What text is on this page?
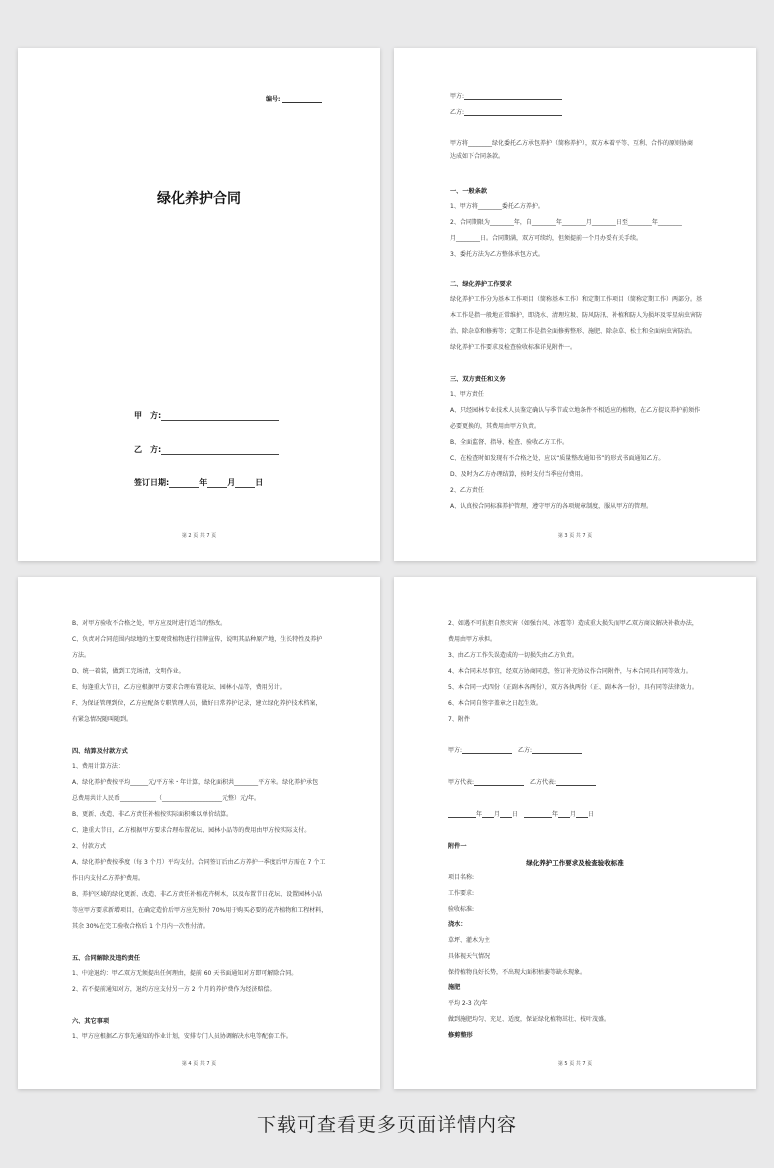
编号:
绿化养护合同
甲　方:
乙　方:
签订日期:	年	月	日
第 2 页 共 7 页
甲方:
乙方:
甲方将________绿化委托乙方承包养护（简称养护），双方本着平等、互利、合作的原则协商
达成如下合同条款。
一、一般条款
1、甲方将________委托乙方养护。
2、合同期限为________年，自________年________月________日至________年________
月________日。合同期满，双方可续约，但须提前一个月办妥有关手续。
3、委托方法为乙方整体承包方式。
二、绿化养护工作要求
绿化养护工作分为基本工作项目（简称基本工作）和定期工作项目（简称定期工作）两部分。基
本工作是指一般地正常维护，即浇水、清理垃圾、防风防汛、补植和防人为损坏及零星病虫害防
治、除杂草和修剪等；定期工作是指全面修剪整形、施肥、除杂草、松土和全面病虫害防治。
绿化养护工作要求及检查验收标准详见附件一。
三、双方责任和义务
1、甲方责任
A、只经园林专业技术人员鉴定确认与季节或立地条件不相适应的植物，在乙方提议养护前须作
必要更换的，其费用由甲方负责。
B、全面监督、指导、检查、验收乙方工作。
C、在检查时如发现有不合格之处，应以“质量整改通知书”的形式书面通知乙方。
D、及时为乙方办理结算，按时支付当季应付费用。
2、乙方责任
A、认真按合同标准养护管理，遵守甲方的各项规章制度，服从甲方的管理。
第 3 页 共 7 页
B、对甲方验收不合格之处，甲方应及时进行适当的整改。
C、负责对合同范围内绿地的主要观赏植物进行挂牌宣传，说明其品种原产地，生长特性及养护
方法。
D、统一着装，做到工完场清，文明作业。
E、每逢重大节日，乙方应根据甲方要求合理布置花坛、园林小品等，费用另计。
F、为保证管理到位，乙方应配备专职管理人员，做好日常养护记录，建立绿化养护技术档案，
有紧急情况随叫随到。
四、结算及付款方式
1、费用计算方法：
A、绿化养护费按平均______元/平方米・年计算，绿化面积共________平方米。绿化养护承包
总费用共计人民币____________（____________________元整）元/年。
B、更新、改造、非乙方责任补植按实际面积乘以单价结算。
C、逢重大节日，乙方根据甲方要求合理布置花坛、园林小品等的费用由甲方按实际支付。
2、付款方式
A、绿化养护费按季度（每 3 个月）平均支付。合同签订后由乙方养护一季度后甲方需在 7 个工
作日内支付乙方养护费用。
B、养护区域的绿化更新、改造、非乙方责任补植花卉树木，以及布置节日花坛、设置园林小品
等应甲方要求新增项目，在确定造价后甲方应先预付 70%用于购买必要的花卉植物和工程材料，
其余 30%在完工验收合格后 1 个月内一次性付清。
五、合同解除及违约责任
1、中途退约：甲乙双方无须提出任何理由，提前 60 天书面通知对方即可解除合同。
2、若不提前通知对方，退约方应支付另一方 2 个月的养护费作为经济赔偿。
六、其它事项
1、甲方应根据乙方事先通知的作业计划，安排专门人员协调解决水电等配套工作。
第 4 页 共 7 页
2、如遇不可抗拒自然灾害（如强台风、冰雹等）造成重大损失而甲乙双方商议解决补救办法，
费用由甲方承担。
3、由乙方工作失误造成的一切损失由乙方负责。
4、本合同未尽事宜，经双方协商同意，签订补充协议作合同附件，与本合同具有同等效力。
5、本合同一式四份（正副本各两份），双方各执两份（正、副本各一份），具有同等法律效力。
6、本合同自签字盖章之日起生效。
7、附件
甲方:	乙方:
甲方代表:	乙方代表:
年 月 日	年 月 日
附件一
绿化养护工作要求及检查验收标准
项目名称:
工作要求:
验收标准:
浇水：
草坪、灌木为主
具体视天气情况
保持植物良好长势，不出现大面积枯萎等缺水现象。
施肥
平均 2-3 次/年
做到施肥均匀、充足、适度，保证绿化植物茁壮、枝叶茂盛。
修剪整形
第 5 页 共 7 页
下载可查看更多页面详情内容
